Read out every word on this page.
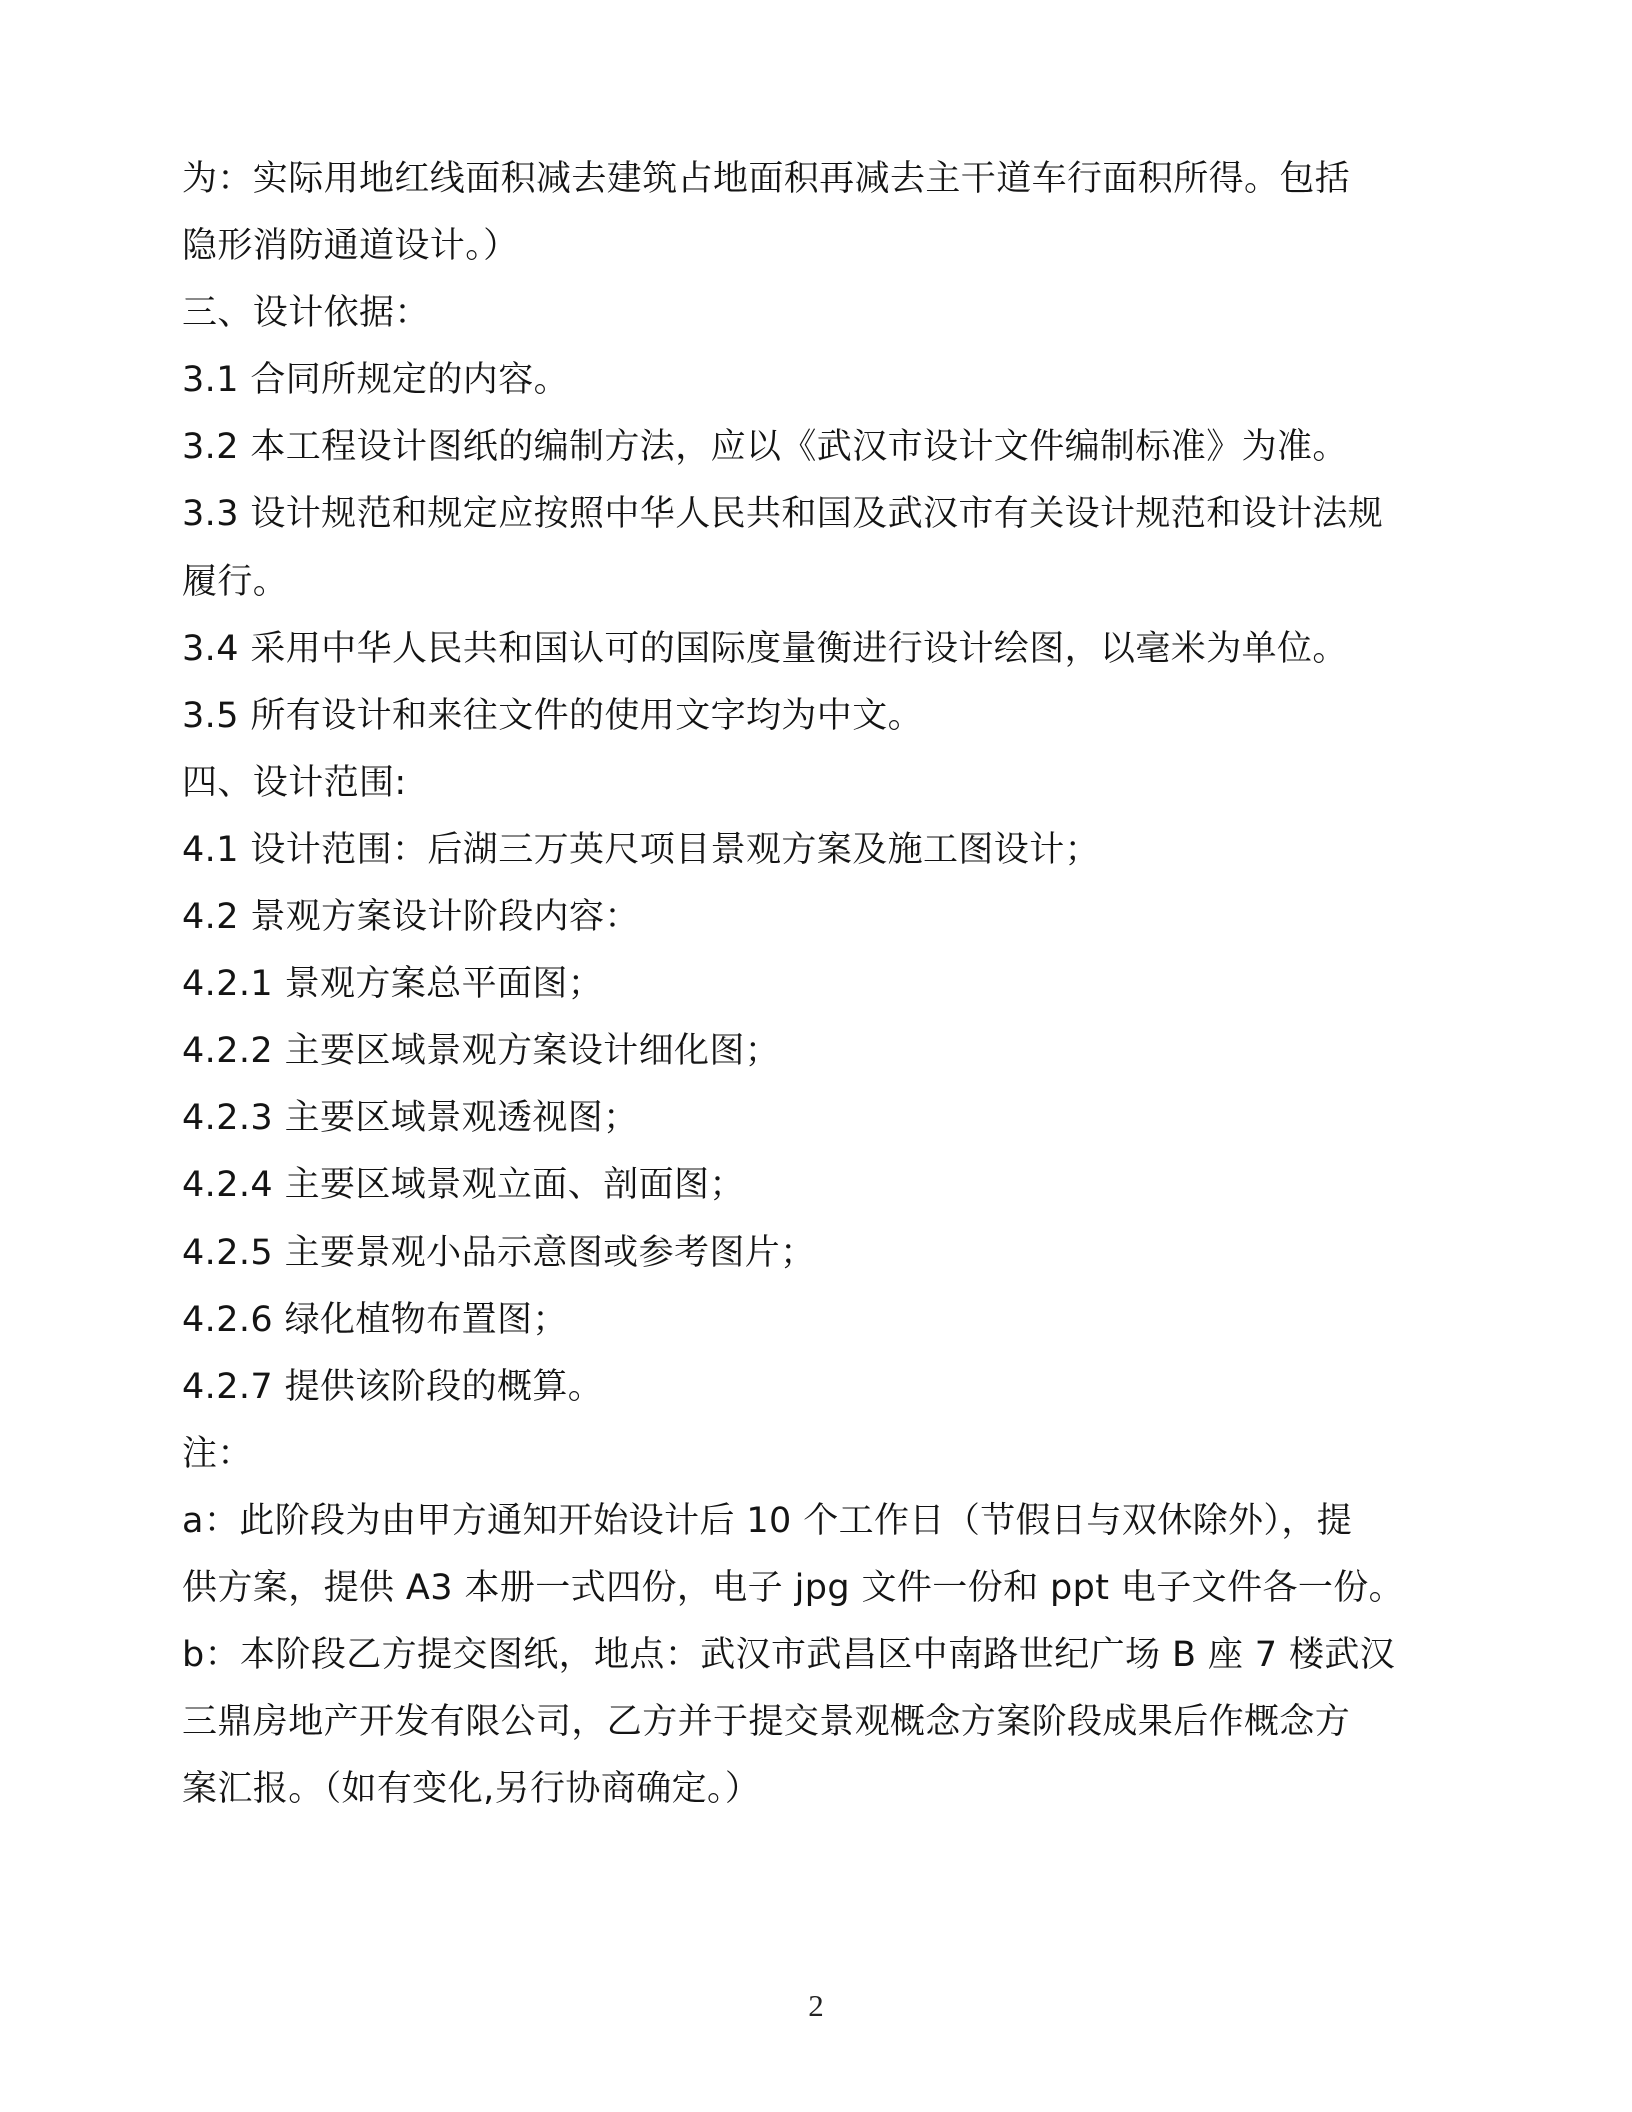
为：实际用地红线面积减去建筑占地面积再减去主干道车行面积所得。包括
隐形消防通道设计。）
三、设计依据：
3.1 合同所规定的内容。
3.2 本工程设计图纸的编制方法，应以《武汉市设计文件编制标准》为准。
3.3 设计规范和规定应按照中华人民共和国及武汉市有关设计规范和设计法规
履行。
3.4 采用中华人民共和国认可的国际度量衡进行设计绘图，以毫米为单位。
3.5 所有设计和来往文件的使用文字均为中文。
四、设计范围:
4.1 设计范围：后湖三万英尺项目景观方案及施工图设计；
4.2 景观方案设计阶段内容：
4.2.1 景观方案总平面图；
4.2.2 主要区域景观方案设计细化图；
4.2.3 主要区域景观透视图；
4.2.4 主要区域景观立面、剖面图；
4.2.5 主要景观小品示意图或参考图片；
4.2.6 绿化植物布置图；
4.2.7 提供该阶段的概算。
注：
a：此阶段为由甲方通知开始设计后 10 个工作日（节假日与双休除外），提
供方案，提供 A3 本册一式四份，电子 jpg 文件一份和 ppt 电子文件各一份。
b：本阶段乙方提交图纸，地点：武汉市武昌区中南路世纪广场 B 座 7 楼武汉
三鼎房地产开发有限公司，乙方并于提交景观概念方案阶段成果后作概念方
案汇报。（如有变化,另行协商确定。）
2
